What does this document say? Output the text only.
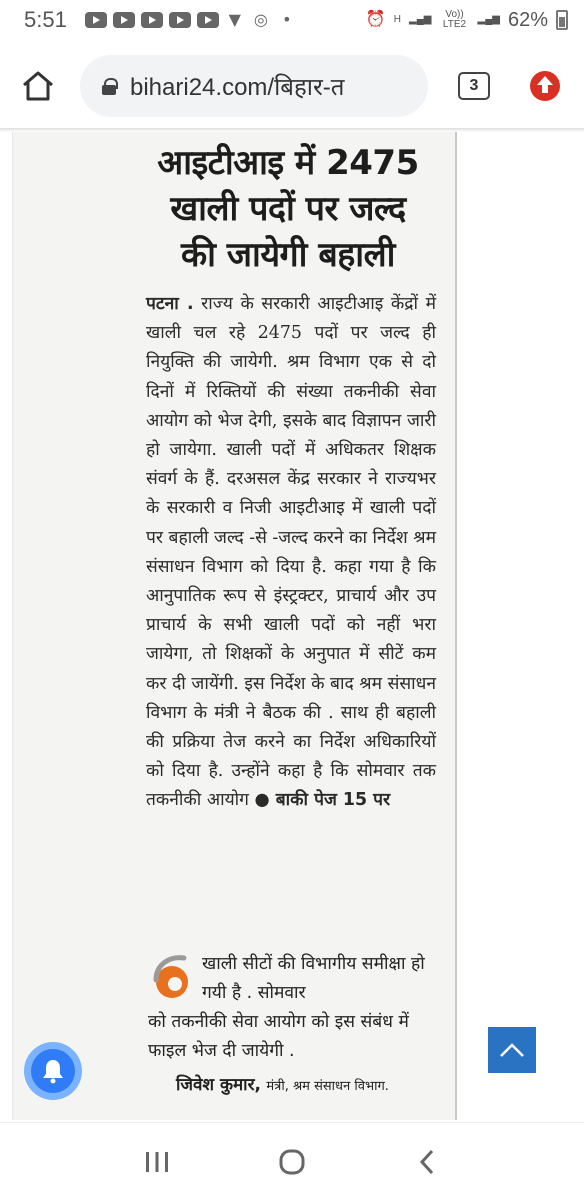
5:51	▼ ◎ •	⏰ H ▂▄▆	Vo)) LTE2	▂▄▆ 62%
bihari24.com/बिहार-त	3
आइटीआइ में 2475
खाली पदों पर जल्द
की जायेगी बहाली
पटना . राज्य के सरकारी आइटीआइ केंद्रों में खाली चल रहे 2475 पदों पर जल्द ही नियुक्ति की जायेगी. श्रम विभाग एक से दो दिनों में रिक्तियों की संख्या तकनीकी सेवा आयोग को भेज देगी, इसके बाद विज्ञापन जारी हो जायेगा. खाली पदों में अधिकतर शिक्षक संवर्ग के हैं. दरअसल केंद्र सरकार ने राज्यभर के सरकारी व निजी आइटीआइ में खाली पदों पर बहाली जल्द -से -जल्द करने का निर्देश श्रम संसाधन विभाग को दिया है. कहा गया है कि आनुपातिक रूप से इंस्ट्रक्टर, प्राचार्य और उप प्राचार्य के सभी खाली पदों को नहीं भरा जायेगा, तो शिक्षकों के अनुपात में सीटें कम कर दी जायेंगी. इस निर्देश के बाद श्रम संसाधन विभाग के मंत्री ने बैठक की . साथ ही बहाली की प्रक्रिया तेज करने का निर्देश अधिकारियों को दिया है. उन्होंने कहा है कि सोमवार तक तकनीकी आयोग ● बाकी पेज 15 पर
खाली सीटों की विभागीय समीक्षा हो गयी है . सोमवार
को तकनीकी सेवा आयोग को इस संबंध में फाइल भेज दी जायेगी .
जिवेश कुमार, मंत्री, श्रम संसाधन विभाग.
